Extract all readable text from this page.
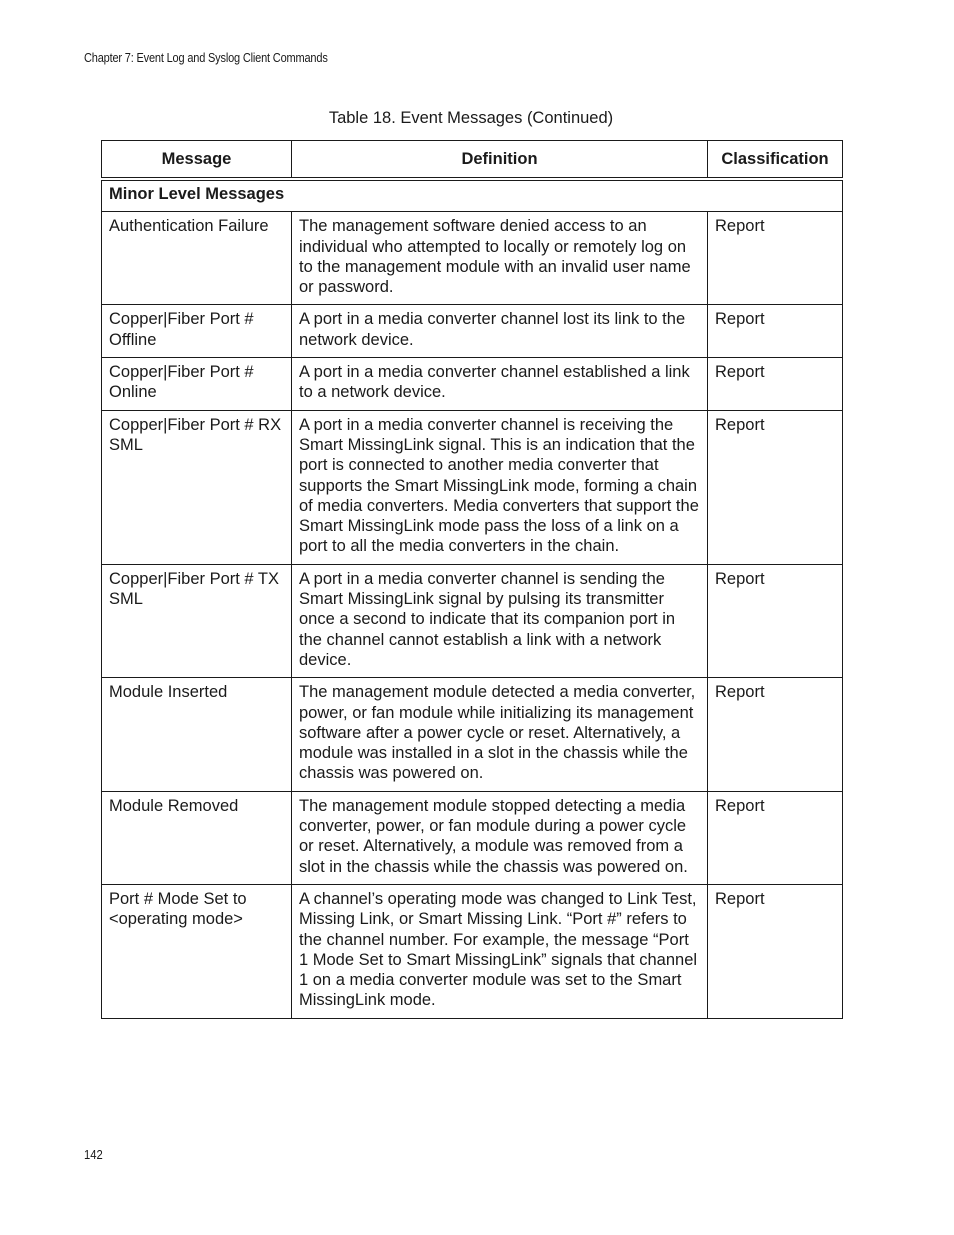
Chapter 7: Event Log and Syslog Client Commands
Table 18. Event Messages (Continued)
Message	Definition	Classification
Minor Level Messages		
Authentication Failure	The management software denied access to an individual who attempted to locally or remotely log on to the management module with an invalid user name or password.	Report
Copper|Fiber Port # Offline	A port in a media converter channel lost its link to the network device.	Report
Copper|Fiber Port # Online	A port in a media converter channel established a link to a network device.	Report
Copper|Fiber Port # RX SML	A port in a media converter channel is receiving the Smart MissingLink signal. This is an indication that the port is connected to another media converter that supports the Smart MissingLink mode, forming a chain of media converters. Media converters that support the Smart MissingLink mode pass the loss of a link on a port to all the media converters in the chain.	Report
Copper|Fiber Port # TX SML	A port in a media converter channel is sending the Smart MissingLink signal by pulsing its transmitter once a second to indicate that its companion port in the channel cannot establish a link with a network device.	Report
Module Inserted	The management module detected a media converter, power, or fan module while initializing its management software after a power cycle or reset. Alternatively, a module was installed in a slot in the chassis while the chassis was powered on.	Report
Module Removed	The management module stopped detecting a media converter, power, or fan module during a power cycle or reset. Alternatively, a module was removed from a slot in the chassis while the chassis was powered on.	Report
Port # Mode Set to <operating mode>	A channel’s operating mode was changed to Link Test, Missing Link, or Smart Missing Link. “Port #” refers to the channel number. For example, the message “Port 1 Mode Set to Smart MissingLink” signals that channel 1 on a media converter module was set to the Smart MissingLink mode.	Report
142
